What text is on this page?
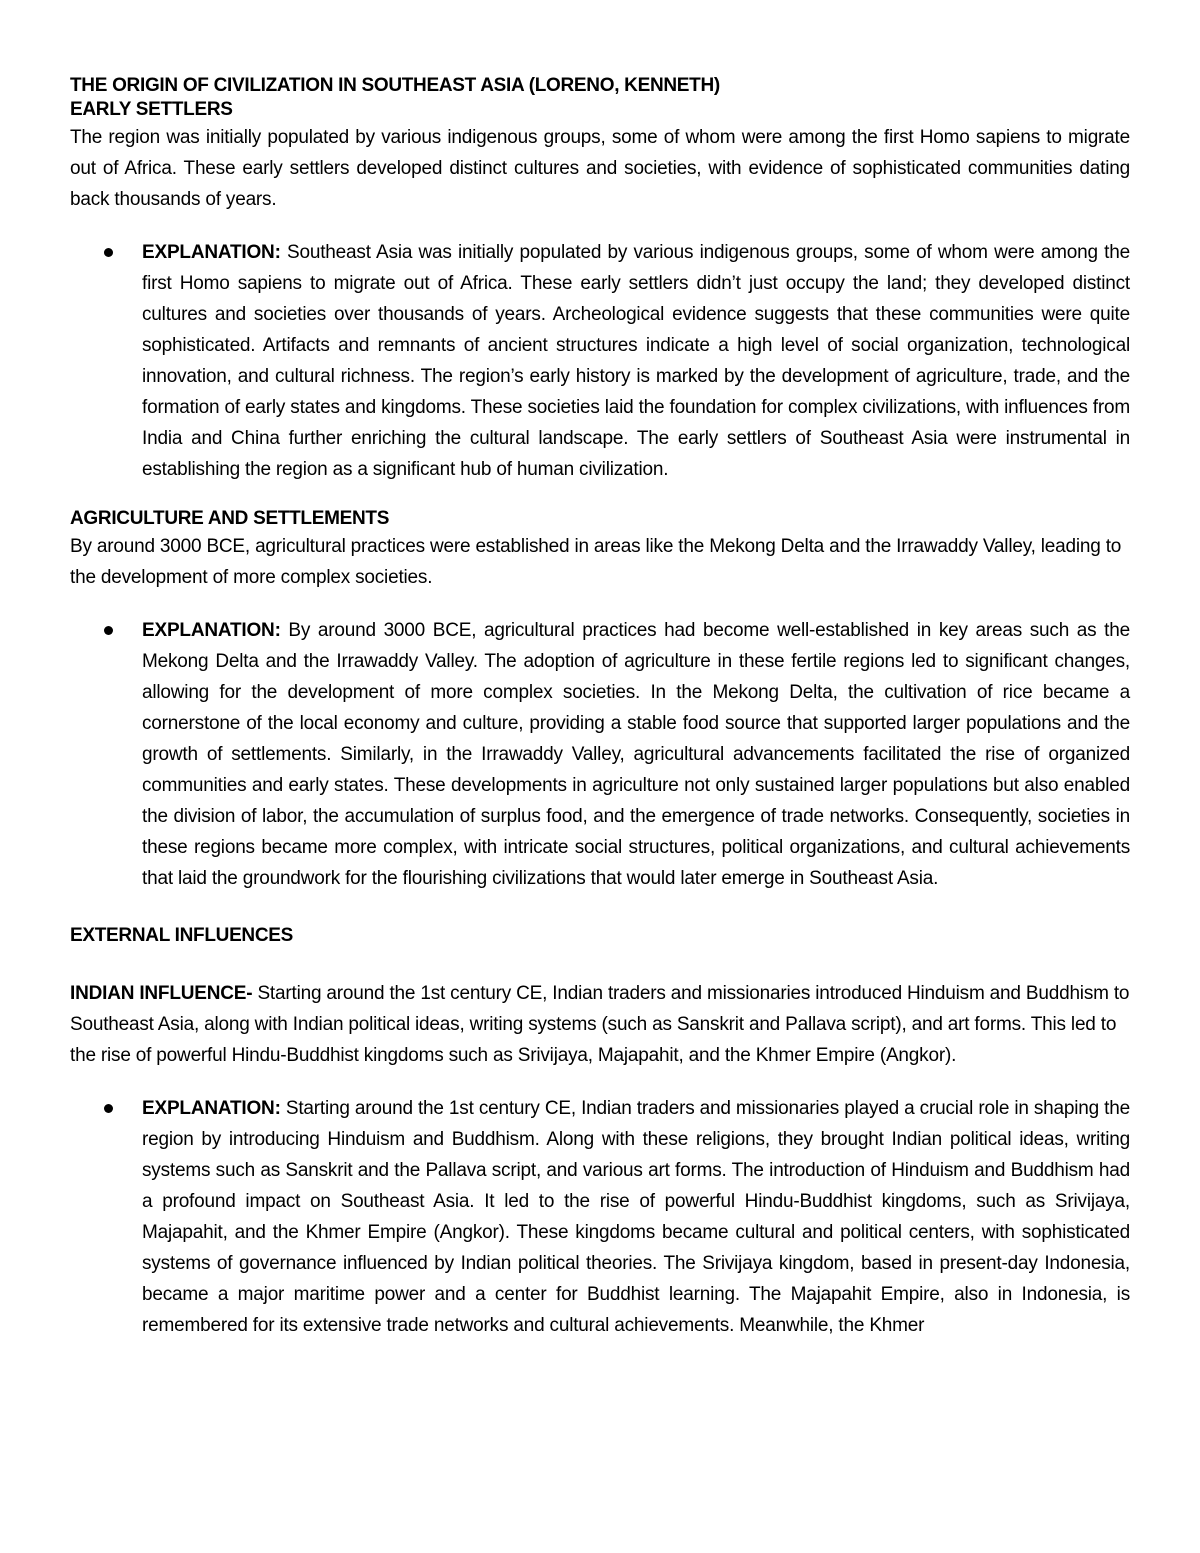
THE ORIGIN OF CIVILIZATION IN SOUTHEAST ASIA (LORENO, KENNETH)
EARLY SETTLERS

The region was initially populated by various indigenous groups, some of whom were among the first Homo sapiens to migrate out of Africa. These early settlers developed distinct cultures and societies, with evidence of sophisticated communities dating back thousands of years.

EXPLANATION: Southeast Asia was initially populated by various indigenous groups, some of whom were among the first Homo sapiens to migrate out of Africa. These early settlers didn’t just occupy the land; they developed distinct cultures and societies over thousands of years. Archeological evidence suggests that these communities were quite sophisticated. Artifacts and remnants of ancient structures indicate a high level of social organization, technological innovation, and cultural richness. The region’s early history is marked by the development of agriculture, trade, and the formation of early states and kingdoms. These societies laid the foundation for complex civilizations, with influences from India and China further enriching the cultural landscape. The early settlers of Southeast Asia were instrumental in establishing the region as a significant hub of human civilization.
AGRICULTURE AND SETTLEMENTS

By around 3000 BCE, agricultural practices were established in areas like the Mekong Delta and the Irrawaddy Valley, leading to the development of more complex societies.

EXPLANATION: By around 3000 BCE, agricultural practices had become well-established in key areas such as the Mekong Delta and the Irrawaddy Valley. The adoption of agriculture in these fertile regions led to significant changes, allowing for the development of more complex societies. In the Mekong Delta, the cultivation of rice became a cornerstone of the local economy and culture, providing a stable food source that supported larger populations and the growth of settlements. Similarly, in the Irrawaddy Valley, agricultural advancements facilitated the rise of organized communities and early states. These developments in agriculture not only sustained larger populations but also enabled the division of labor, the accumulation of surplus food, and the emergence of trade networks. Consequently, societies in these regions became more complex, with intricate social structures, political organizations, and cultural achievements that laid the groundwork for the flourishing civilizations that would later emerge in Southeast Asia.
EXTERNAL INFLUENCES

INDIAN INFLUENCE- Starting around the 1st century CE, Indian traders and missionaries introduced Hinduism and Buddhism to Southeast Asia, along with Indian political ideas, writing systems (such as Sanskrit and Pallava script), and art forms. This led to the rise of powerful Hindu-Buddhist kingdoms such as Srivijaya, Majapahit, and the Khmer Empire (Angkor).

EXPLANATION: Starting around the 1st century CE, Indian traders and missionaries played a crucial role in shaping the region by introducing Hinduism and Buddhism. Along with these religions, they brought Indian political ideas, writing systems such as Sanskrit and the Pallava script, and various art forms. The introduction of Hinduism and Buddhism had a profound impact on Southeast Asia. It led to the rise of powerful Hindu-Buddhist kingdoms, such as Srivijaya, Majapahit, and the Khmer Empire (Angkor). These kingdoms became cultural and political centers, with sophisticated systems of governance influenced by Indian political theories. The Srivijaya kingdom, based in present-day Indonesia, became a major maritime power and a center for Buddhist learning. The Majapahit Empire, also in Indonesia, is remembered for its extensive trade networks and cultural achievements. Meanwhile, the Khmer
